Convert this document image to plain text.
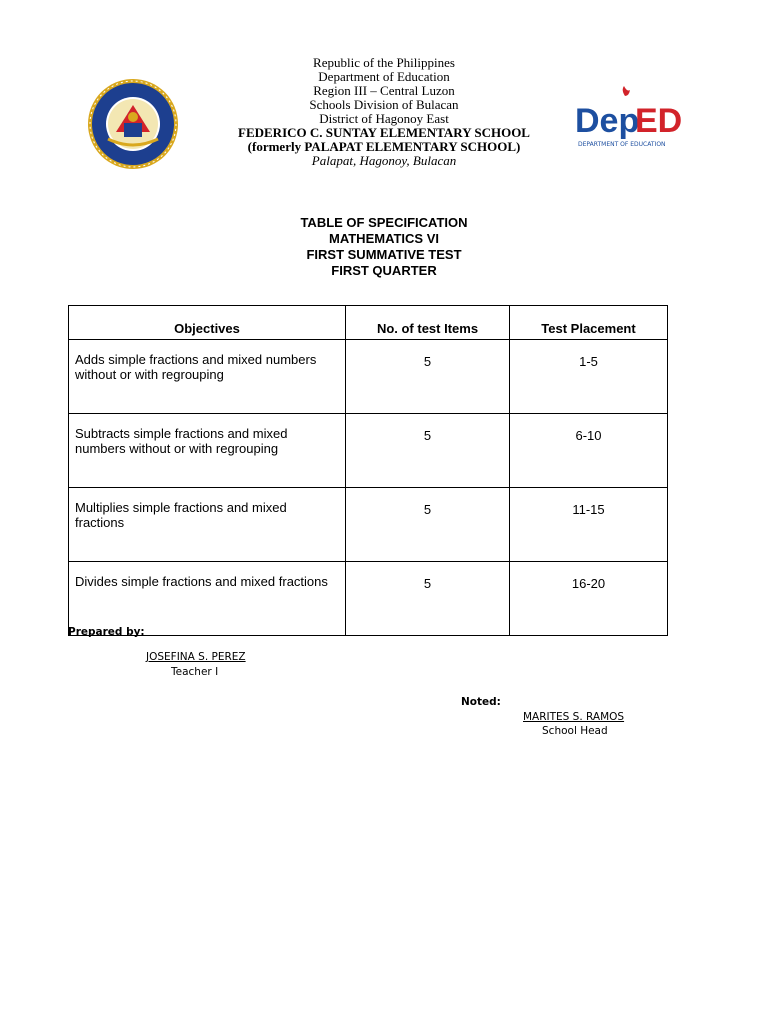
Dep
ED
DEPARTMENT OF EDUCATION
Republic of the Philippines
Department of Education
Region III – Central Luzon
Schools Division of Bulacan
District of Hagonoy East
FEDERICO C. SUNTAY ELEMENTARY SCHOOL
(formerly PALAPAT ELEMENTARY SCHOOL)
Palapat, Hagonoy, Bulacan
TABLE OF SPECIFICATION
MATHEMATICS VI
FIRST SUMMATIVE TEST
FIRST QUARTER
Objectives	No. of test Items	Test Placement
Adds simple fractions and mixed numbers without or with regrouping	5	1-5
Subtracts simple fractions and mixed numbers without or with regrouping	5	6-10
Multiplies simple fractions and mixed fractions	5	11-15
Divides simple fractions and mixed fractions	5	16-20
Prepared by:
JOSEFINA S. PEREZ
Teacher I
Noted:
MARITES S. RAMOS
School Head
